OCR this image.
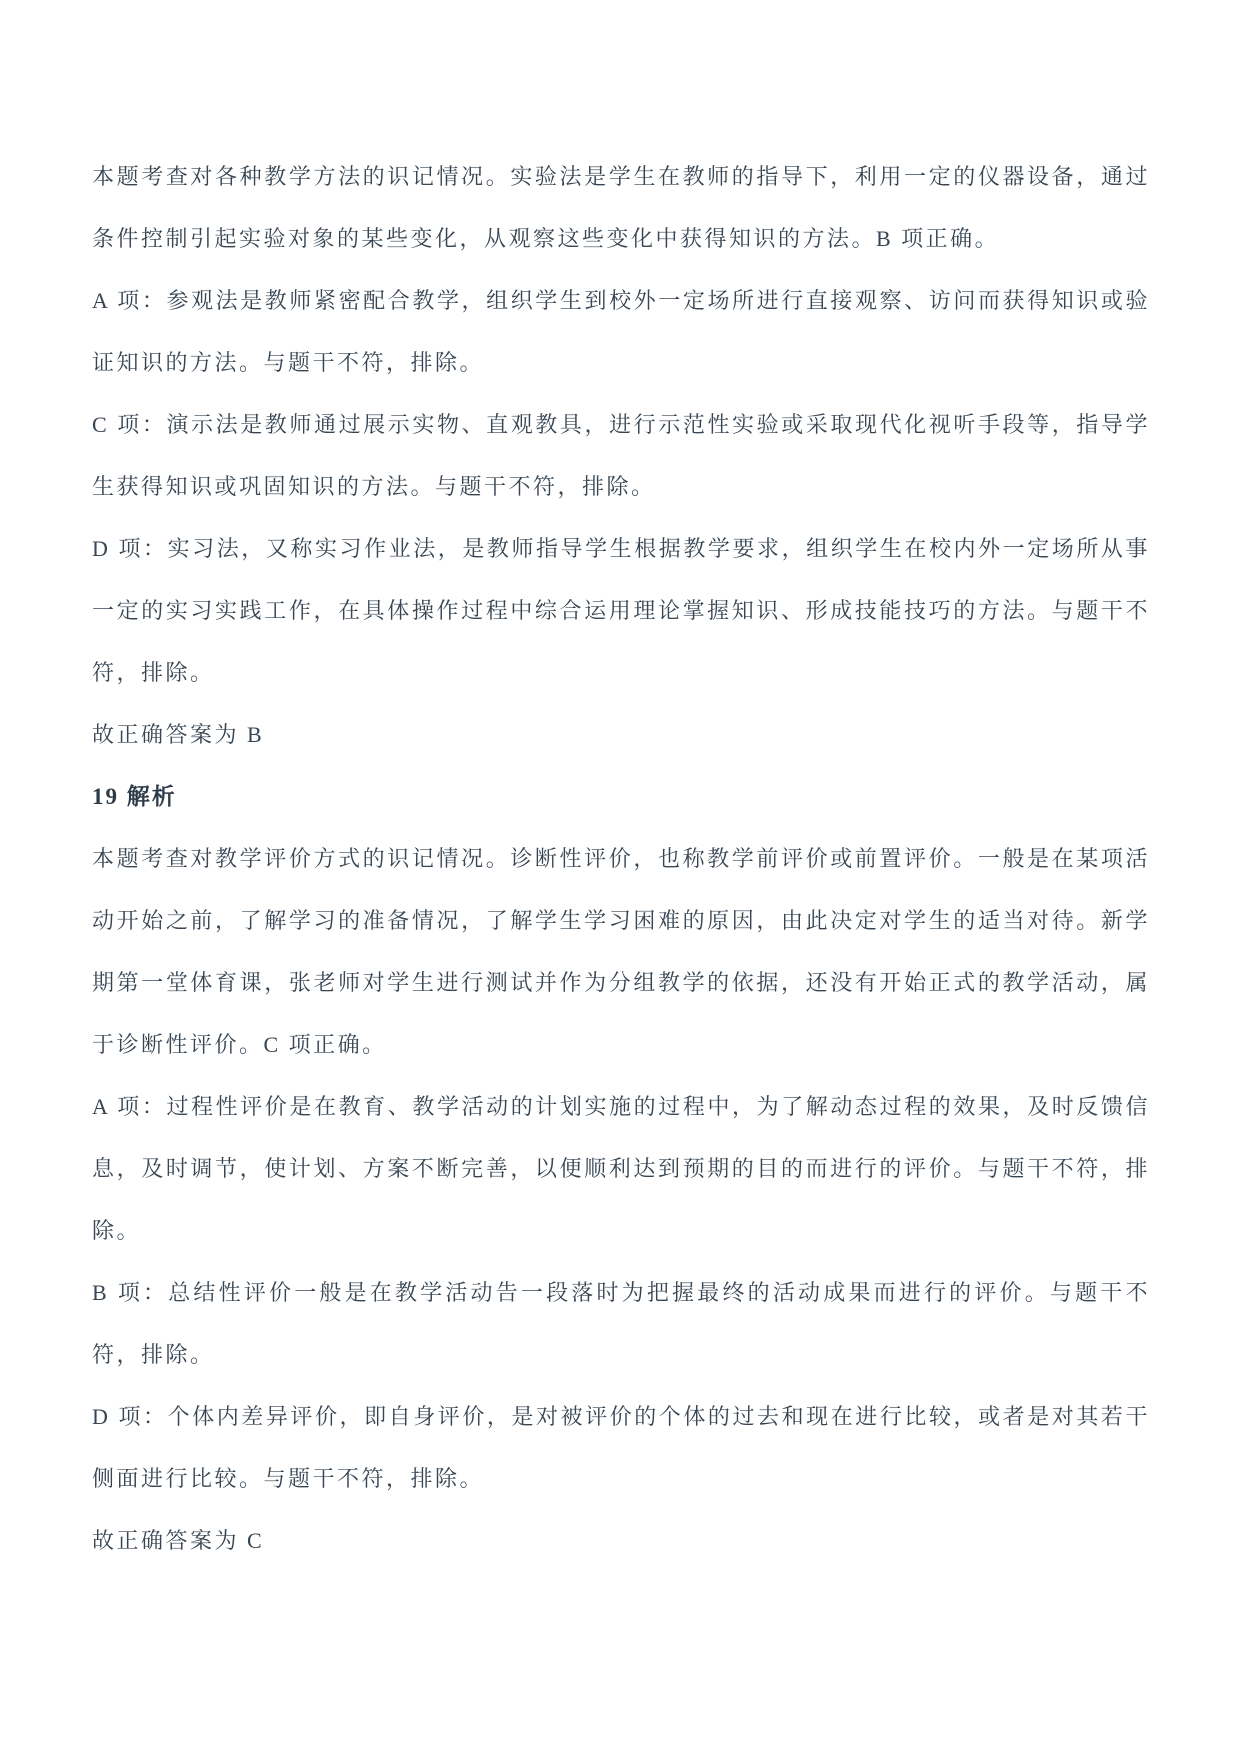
本题考查对各种教学方法的识记情况。实验法是学生在教师的指导下，利用一定的仪器设备，通过条件控制引起实验对象的某些变化，从观察这些变化中获得知识的方法。B 项正确。

A 项：参观法是教师紧密配合教学，组织学生到校外一定场所进行直接观察、访问而获得知识或验证知识的方法。与题干不符，排除。

C 项：演示法是教师通过展示实物、直观教具，进行示范性实验或采取现代化视听手段等，指导学生获得知识或巩固知识的方法。与题干不符，排除。

D 项：实习法，又称实习作业法，是教师指导学生根据教学要求，组织学生在校内外一定场所从事一定的实习实践工作，在具体操作过程中综合运用理论掌握知识、形成技能技巧的方法。与题干不符，排除。

故正确答案为 B

19 解析

本题考查对教学评价方式的识记情况。诊断性评价，也称教学前评价或前置评价。一般是在某项活动开始之前，了解学习的准备情况，了解学生学习困难的原因，由此决定对学生的适当对待。新学期第一堂体育课，张老师对学生进行测试并作为分组教学的依据，还没有开始正式的教学活动，属于诊断性评价。C 项正确。

A 项：过程性评价是在教育、教学活动的计划实施的过程中，为了解动态过程的效果，及时反馈信息，及时调节，使计划、方案不断完善，以便顺利达到预期的目的而进行的评价。与题干不符，排除。

B 项：总结性评价一般是在教学活动告一段落时为把握最终的活动成果而进行的评价。与题干不符，排除。

D 项：个体内差异评价，即自身评价，是对被评价的个体的过去和现在进行比较，或者是对其若干侧面进行比较。与题干不符，排除。

故正确答案为 C
